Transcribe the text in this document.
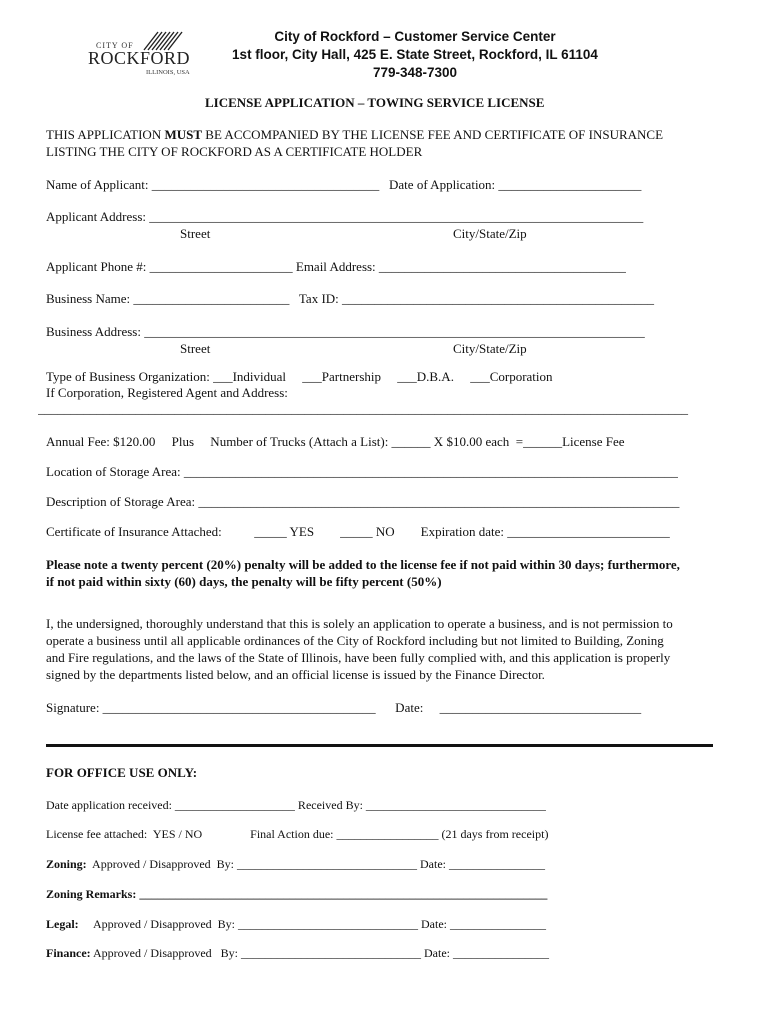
CITY OF
ROCKFORD
ILLINOIS, USA
City of Rockford – Customer Service Center
1st floor, City Hall, 425 E. State Street, Rockford, IL 61104
779-348-7300
LICENSE APPLICATION – TOWING SERVICE LICENSE
THIS APPLICATION MUST BE ACCOMPANIED BY THE LICENSE FEE AND CERTIFICATE OF INSURANCE
LISTING THE CITY OF ROCKFORD AS A CERTIFICATE HOLDER
Name of Applicant: ___________________________________   Date of Application: ______________________
Applicant Address: ____________________________________________________________________________
Street	City/State/Zip
Applicant Phone #: ______________________ Email Address: ______________________________________
Business Name: ________________________   Tax ID: ________________________________________________
Business Address: _____________________________________________________________________________
Street	City/State/Zip
Type of Business Organization: ___Individual     ___Partnership     ___D.B.A.     ___Corporation
If Corporation, Registered Agent and Address:
____________________________________________________________________________________________________
Annual Fee: $120.00     Plus     Number of Trucks (Attach a List): ______ X $10.00 each  =______License Fee
Location of Storage Area: ____________________________________________________________________________
Description of Storage Area: __________________________________________________________________________
Certificate of Insurance Attached:          _____ YES        _____ NO        Expiration date: _________________________
Please note a twenty percent (20%) penalty will be added to the license fee if not paid within 30 days; furthermore,
if not paid within sixty (60) days, the penalty will be fifty percent (50%)
I, the undersigned, thoroughly understand that this is solely an application to operate a business, and is not permission to
operate a business until all applicable ordinances of the City of Rockford including but not limited to Building, Zoning
and Fire regulations, and the laws of the State of Illinois, have been fully complied with, and this application is properly
signed by the departments listed below, and an official license is issued by the Finance Director.
Signature: __________________________________________      Date:     _______________________________
FOR OFFICE USE ONLY:
Date application received: ____________________ Received By: ______________________________
License fee attached:  YES / NO                Final Action due: _________________ (21 days from receipt)
Zoning:  Approved / Disapproved  By: ______________________________ Date: ________________
Zoning Remarks: ____________________________________________________________________
Legal:     Approved / Disapproved  By: ______________________________ Date: ________________
Finance: Approved / Disapproved   By: ______________________________ Date: ________________
